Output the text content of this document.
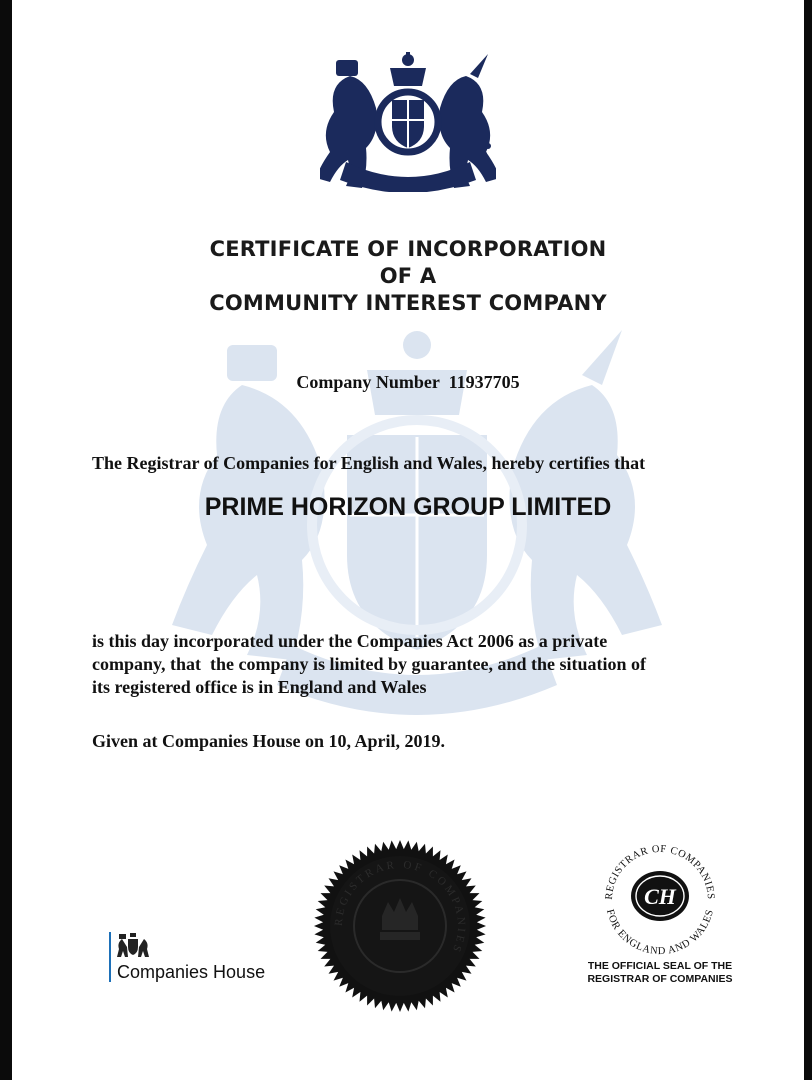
CERTIFICATE OF INCORPORATION
OF A
COMMUNITY INTEREST COMPANY
Company Number 11937705
The Registrar of Companies for English and Wales, hereby certifies that
PRIME HORIZON GROUP LIMITED
is this day incorporated under the Companies Act 2006 as a private
company, that  the company is limited by guarantee, and the situation of
its registered office is in England and Wales
Given at Companies House on 10, April, 2019.
Companies House
REGISTRAR OF COMPANIES
REGISTRAR OF COMPANIES
FOR ENGLAND AND WALES
CH
THE OFFICIAL SEAL OF THE
REGISTRAR OF COMPANIES
